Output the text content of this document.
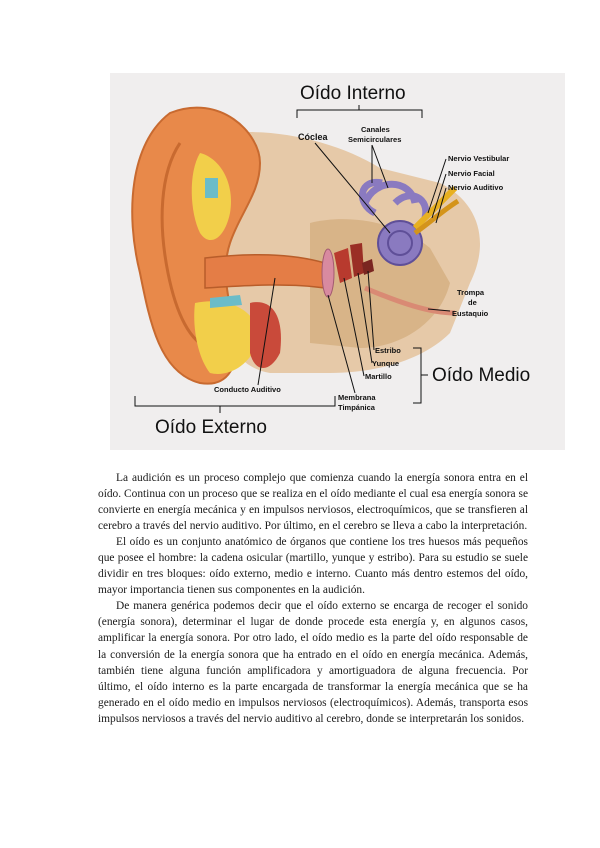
Oído Interno
Cóclea
Canales
Semicirculares
Nervio Vestibular
Nervio Facial
Nervio Auditivo
Trompa
de
Eustaquio
Estribo
Yunque
Martillo Oído Medio
Membrana
Timpánica
Conducto Auditivo
Oído Externo

La audición es un proceso complejo que comienza cuando la energía sonora entra en el oído. Continua con un proceso que se realiza en el oído mediante el cual esa energía sonora se convierte en energía mecánica y en impulsos nerviosos, electroquímicos, que se transfieren al cerebro a través del nervio auditivo. Por último, en el cerebro se lleva a cabo la interpretación.

El oído es un conjunto anatómico de órganos que contiene los tres huesos más pequeños que posee el hombre: la cadena osicular (martillo, yunque y estribo). Para su estudio se suele dividir en tres bloques: oído externo, medio e interno. Cuanto más dentro estemos del oído, mayor importancia tienen sus componentes en la audición.

De manera genérica podemos decir que el oído externo se encarga de recoger el sonido (energía sonora), determinar el lugar de donde procede esta energía y, en algunos casos, amplificar la energía sonora. Por otro lado, el oído medio es la parte del oído responsable de la conversión de la energía sonora que ha entrado en el oído en energía mecánica. Además, también tiene alguna función amplificadora y amortiguadora de alguna frecuencia. Por último, el oído interno es la parte encargada de transformar la energía mecánica que se ha generado en el oído medio en impulsos nerviosos (electroquímicos). Además, transporta esos impulsos nerviosos a través del nervio auditivo al cerebro, donde se interpretarán los sonidos.
